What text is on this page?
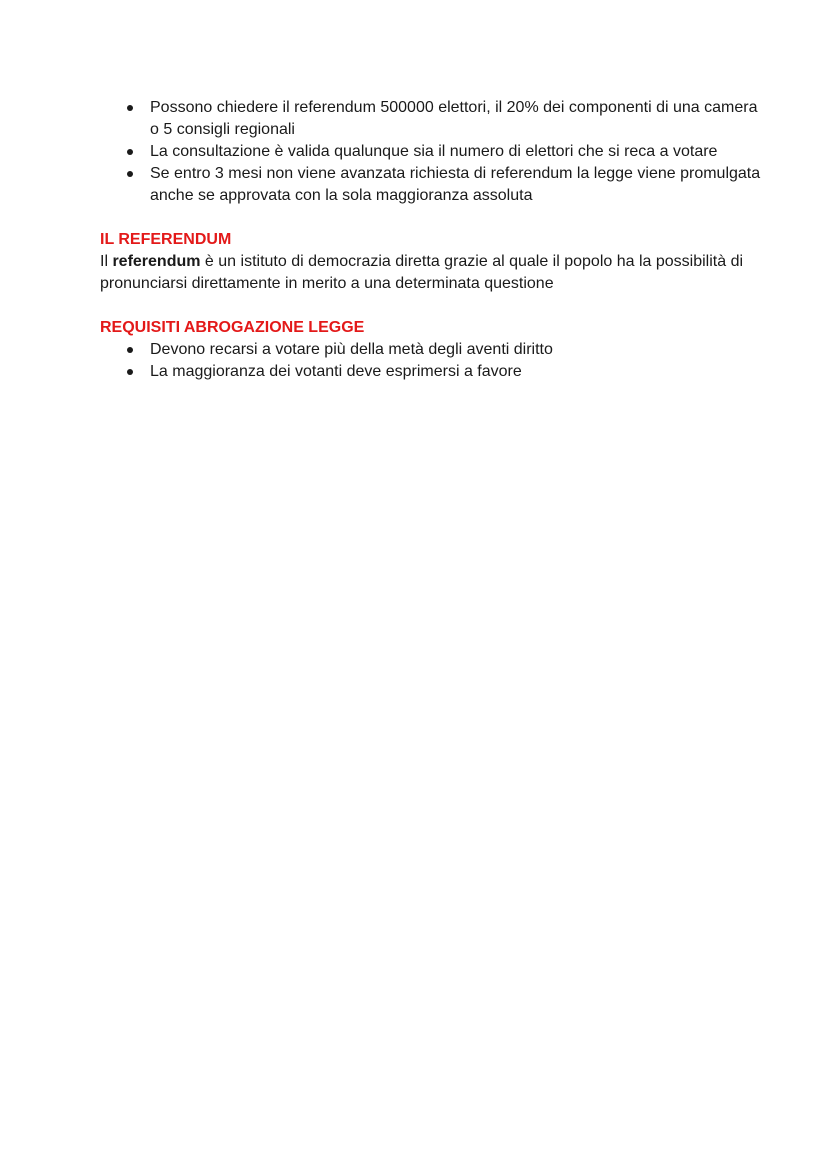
Possono chiedere il referendum 500000 elettori, il 20% dei componenti di una camera o 5 consigli regionali
La consultazione è valida qualunque sia il numero di elettori che si reca a votare
Se entro 3 mesi non viene avanzata richiesta di referendum la legge viene promulgata anche se approvata con la sola maggioranza assoluta
IL REFERENDUM

Il referendum è un istituto di democrazia diretta grazie al quale il popolo ha la possibilità di pronunciarsi direttamente in merito a una determinata questione

REQUISITI ABROGAZIONE LEGGE
Devono recarsi a votare più della metà degli aventi diritto
La maggioranza dei votanti deve esprimersi a favore
